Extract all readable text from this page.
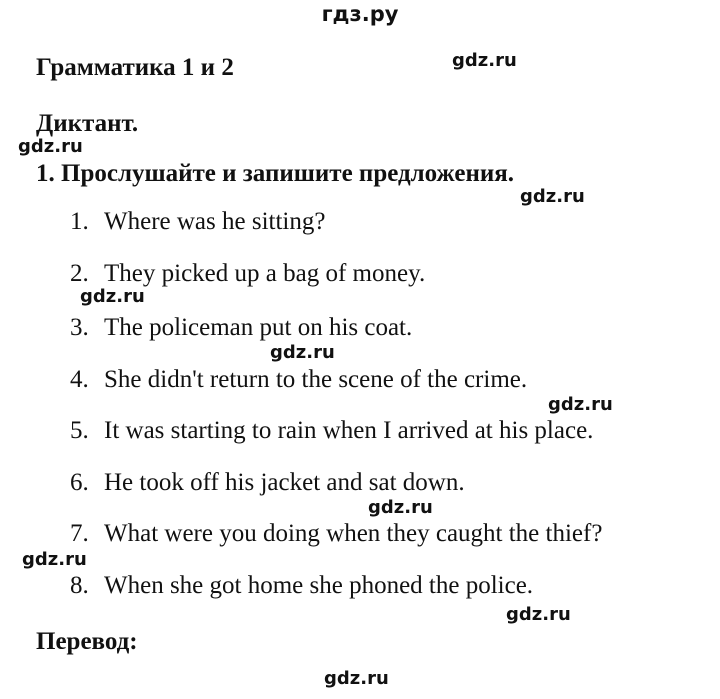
гдз.ру
Грамматика 1 и 2
Диктант.
1. Прослушайте и запишите предложения.
1. Where was he sitting?
2. They picked up a bag of money.
3. The policeman put on his coat.
4. She didn't return to the scene of the crime.
5. It was starting to rain when I arrived at his place.
6. He took off his jacket and sat down.
7. What were you doing when they caught the thief?
8. When she got home she phoned the police.
Перевод:
gdz.ru
gdz.ru
gdz.ru
gdz.ru
gdz.ru
gdz.ru
gdz.ru
gdz.ru
gdz.ru
gdz.ru
